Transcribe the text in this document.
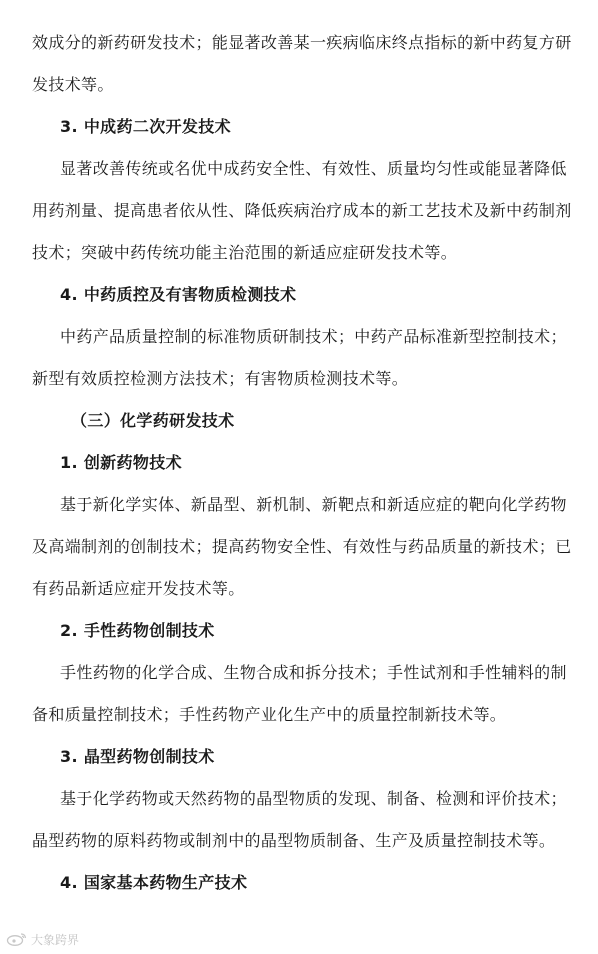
效成分的新药研发技术；能显著改善某一疾病临床终点指标的新中药复方研
发技术等。
3. 中成药二次开发技术
显著改善传统或名优中成药安全性、有效性、质量均匀性或能显著降低
用药剂量、提高患者依从性、降低疾病治疗成本的新工艺技术及新中药制剂
技术；突破中药传统功能主治范围的新适应症研发技术等。
4. 中药质控及有害物质检测技术
中药产品质量控制的标准物质研制技术；中药产品标准新型控制技术；
新型有效质控检测方法技术；有害物质检测技术等。
（三）化学药研发技术
1. 创新药物技术
基于新化学实体、新晶型、新机制、新靶点和新适应症的靶向化学药物
及高端制剂的创制技术；提高药物安全性、有效性与药品质量的新技术；已
有药品新适应症开发技术等。
2. 手性药物创制技术
手性药物的化学合成、生物合成和拆分技术；手性试剂和手性辅料的制
备和质量控制技术；手性药物产业化生产中的质量控制新技术等。
3. 晶型药物创制技术
基于化学药物或天然药物的晶型物质的发现、制备、检测和评价技术；
晶型药物的原料药物或制剂中的晶型物质制备、生产及质量控制技术等。
4. 国家基本药物生产技术
大象跨界
